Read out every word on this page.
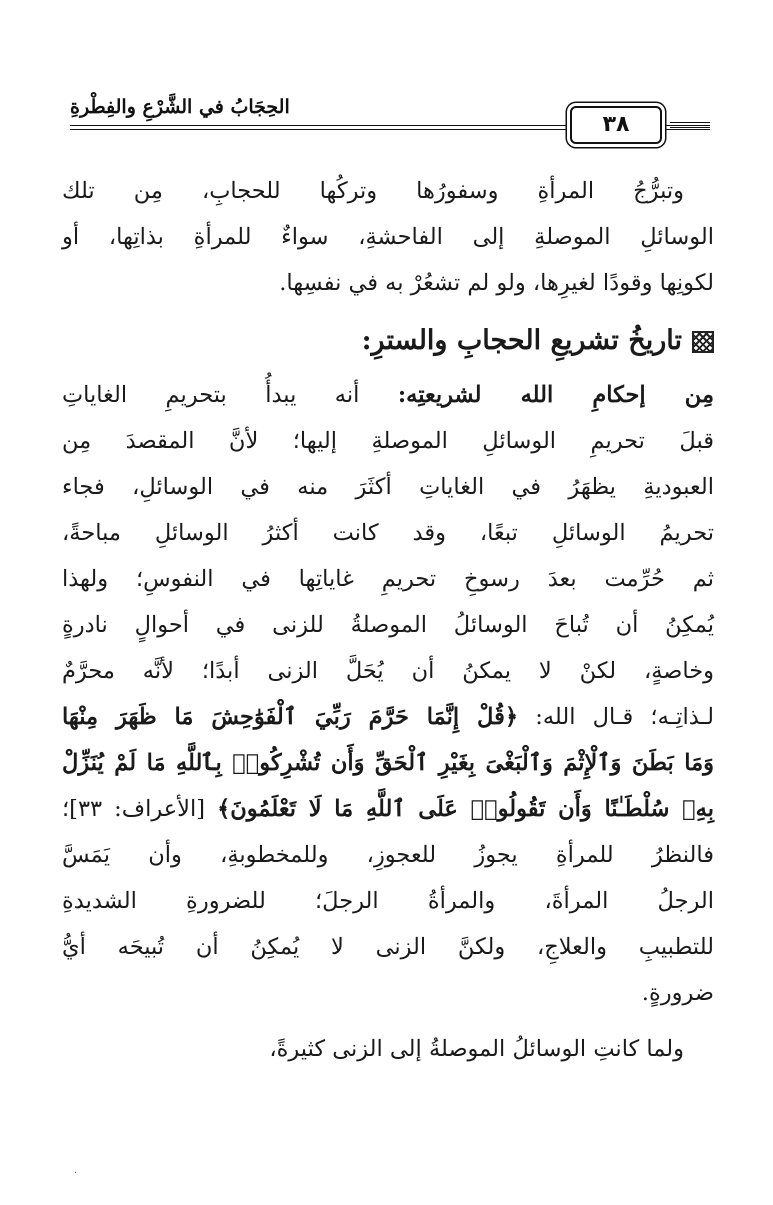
الحِجَابُ في الشَّرْعِ والفِطْرةِ
٣٨
وتبرُّجُ المرأةِ وسفورُها وتركُها للحجابِ، مِن تلك
الوسائلِ الموصلةِ إلى الفاحشةِ، سواءٌ للمرأةِ بذاتِها، أو
لكونِها وقودًا لغيرِها، ولو لم تشعُرْ به في نفسِها.
تاريخُ تشريعِ الحجابِ والسترِ:
مِن إحكامِ الله لشريعتِه: أنه يبدأُ بتحريمِ الغاياتِ
قبلَ تحريمِ الوسائلِ الموصلةِ إليها؛ لأنَّ المقصدَ مِن
العبوديةِ يظهَرُ في الغاياتِ أكثَرَ منه في الوسائلِ، فجاء
تحريمُ الوسائلِ تبعًا، وقد كانت أكثرُ الوسائلِ مباحةً،
ثم حُرِّمت بعدَ رسوخِ تحريمِ غاياتِها في النفوسِ؛ ولهذا
يُمكِنُ أن تُباحَ الوسائلُ الموصلةُ للزنى في أحوالٍ نادرةٍ
وخاصةٍ، لكنْ لا يمكنُ أن يُحَلَّ الزنى أبدًا؛ لأنَّه محرَّمٌ
لـذاتِـه؛ قـال الله: ﴿قُلْ إِنَّمَا حَرَّمَ رَبِّيَ ٱلْفَوَٰحِشَ مَا ظَهَرَ مِنْهَا
وَمَا بَطَنَ وَٱلْإِثْمَ وَٱلْبَغْىَ بِغَيْرِ ٱلْحَقِّ وَأَن تُشْرِكُوا۟ بِٱللَّهِ مَا لَمْ يُنَزِّلْ
بِهِۦ سُلْطَـٰنًا وَأَن تَقُولُوا۟ عَلَى ٱللَّهِ مَا لَا تَعْلَمُونَ﴾ [الأعراف: ٣٣]؛
فالنظرُ للمرأةِ يجوزُ للعجوزِ، وللمخطوبةِ، وأن يَمَسَّ
الرجلُ المرأةَ، والمرأةُ الرجلَ؛ للضرورةِ الشديدةِ
للتطبيبِ والعلاجِ، ولكنَّ الزنى لا يُمكِنُ أن تُبيحَه أيُّ
ضرورةٍ.
ولما كانتِ الوسائلُ الموصلةُ إلى الزنى كثيرةً،
·
